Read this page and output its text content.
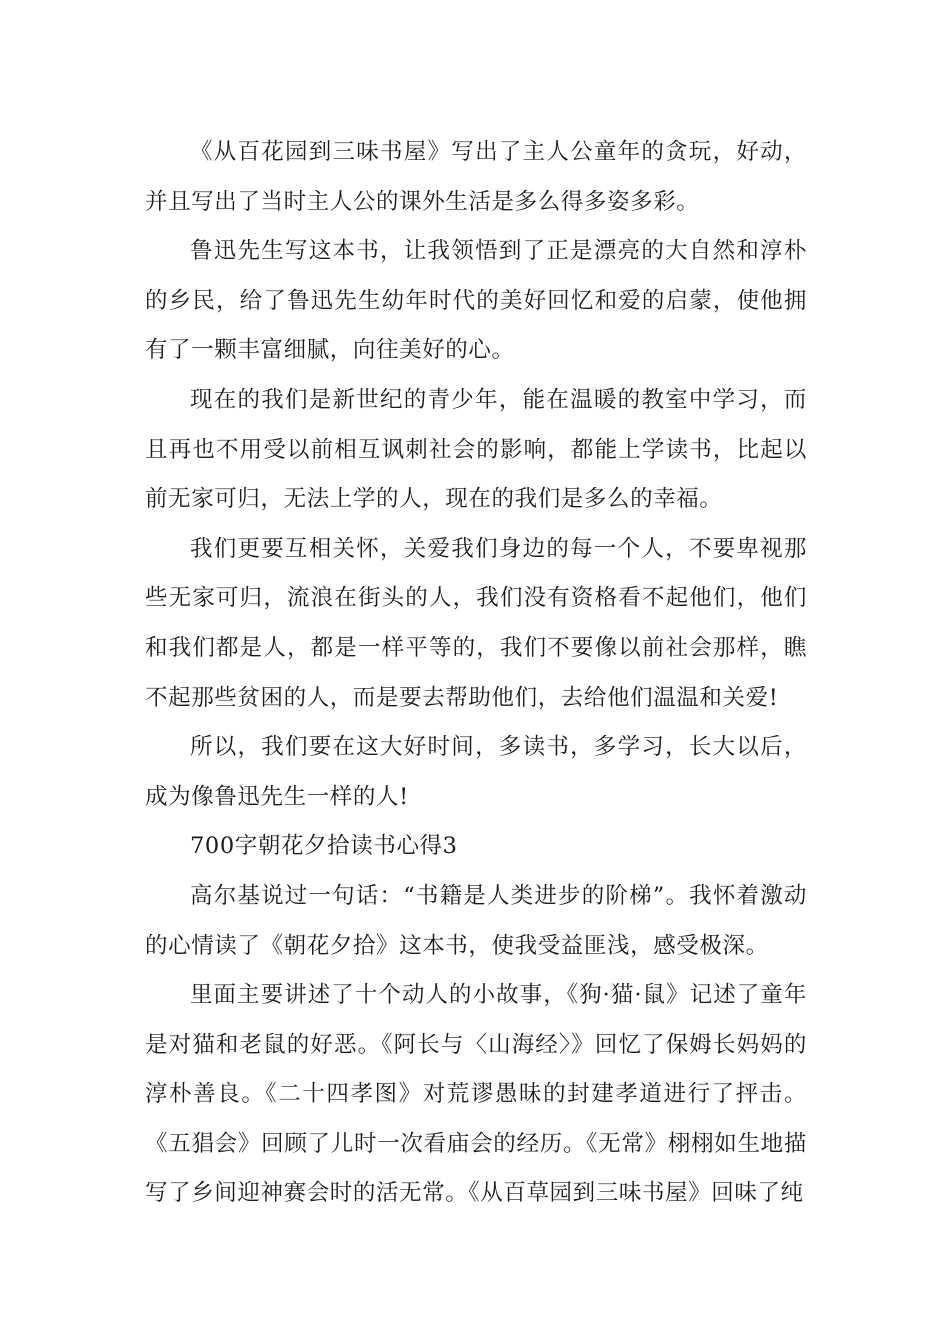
《从百花园到三味书屋》写出了主人公童年的贪玩，好动，并且写出了当时主人公的课外生活是多么得多姿多彩。

鲁迅先生写这本书，让我领悟到了正是漂亮的大自然和淳朴的乡民，给了鲁迅先生幼年时代的美好回忆和爱的启蒙，使他拥有了一颗丰富细腻，向往美好的心。

现在的我们是新世纪的青少年，能在温暖的教室中学习，而且再也不用受以前相互讽刺社会的影响，都能上学读书，比起以前无家可归，无法上学的人，现在的我们是多么的幸福。

我们更要互相关怀，关爱我们身边的每一个人，不要卑视那些无家可归，流浪在街头的人，我们没有资格看不起他们，他们和我们都是人，都是一样平等的，我们不要像以前社会那样，瞧不起那些贫困的人，而是要去帮助他们，去给他们温温和关爱!

所以，我们要在这大好时间，多读书，多学习，长大以后，成为像鲁迅先生一样的人!

700字朝花夕拾读书心得3

高尔基说过一句话：“书籍是人类进步的阶梯”。我怀着激动的心情读了《朝花夕拾》这本书，使我受益匪浅，感受极深。

里面主要讲述了十个动人的小故事，《狗·猫·鼠》记述了童年是对猫和老鼠的好恶。《阿长与〈山海经〉》回忆了保姆长妈妈的淳朴善良。《二十四孝图》对荒谬愚昧的封建孝道进行了抨击。《五猖会》回顾了儿时一次看庙会的经历。《无常》栩栩如生地描写了乡间迎神赛会时的活无常。《从百草园到三味书屋》回味了纯
